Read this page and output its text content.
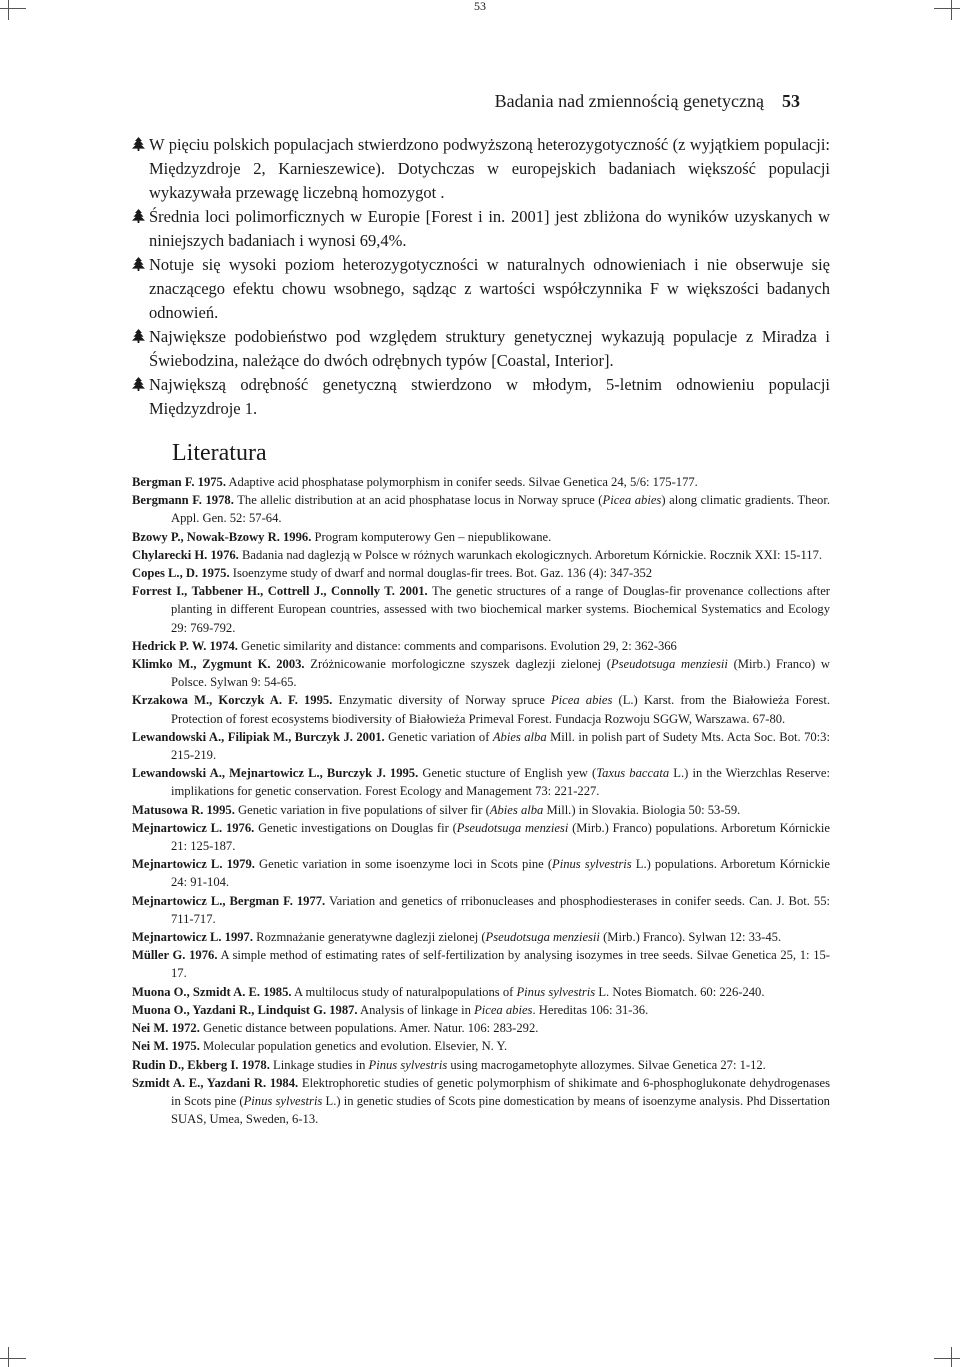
53
Badania nad zmiennością genetyczną 53

W pięciu polskich populacjach stwierdzono podwyższoną heterozygotyczność (z wyjątkiem populacji: Międzyzdroje 2, Karnieszewice). Dotychczas w europejskich badaniach większość populacji wykazywała przewagę liczebną homozygot .

Średnia loci polimorficznych w Europie [Forest i in. 2001] jest zbliżona do wyników uzyskanych w niniejszych badaniach i wynosi 69,4%.

Notuje się wysoki poziom heterozygotyczności w naturalnych odnowieniach i nie obserwuje się znaczącego efektu chowu wsobnego, sądząc z wartości współczynnika F w większości badanych odnowień.

Największe podobieństwo pod względem struktury genetycznej wykazują populacje z Miradza i Świebodzina, należące do dwóch odrębnych typów [Coastal, Interior].

Największą odrębność genetyczną stwierdzono w młodym, 5-letnim odnowieniu populacji Międzyzdroje 1.

Literatura

Bergman F. 1975. Adaptive acid phosphatase polymorphism in conifer seeds. Silvae Genetica 24, 5/6: 175-177.

Bergmann F. 1978. The allelic distribution at an acid phosphatase locus in Norway spruce (Picea abies) along climatic gradients. Theor. Appl. Gen. 52: 57-64.

Bzowy P., Nowak-Bzowy R. 1996. Program komputerowy Gen – niepublikowane.

Chylarecki H. 1976. Badania nad daglezją w Polsce w różnych warunkach ekologicznych. Arboretum Kórnickie. Rocznik XXI: 15-117.

Copes L., D. 1975. Isoenzyme study of dwarf and normal douglas-fir trees. Bot. Gaz. 136 (4): 347-352

Forrest I., Tabbener H., Cottrell J., Connolly T. 2001. The genetic structures of a range of Douglas-fir provenance collections after planting in different European countries, assessed with two biochemical marker systems. Biochemical Systematics and Ecology 29: 769-792.

Hedrick P. W. 1974. Genetic similarity and distance: comments and comparisons. Evolution 29, 2: 362-366

Klimko M., Zygmunt K. 2003. Zróżnicowanie morfologiczne szyszek daglezji zielonej (Pseudotsuga menziesii (Mirb.) Franco) w Polsce. Sylwan 9: 54-65.

Krzakowa M., Korczyk A. F. 1995. Enzymatic diversity of Norway spruce Picea abies (L.) Karst. from the Białowieża Forest. Protection of forest ecosystems biodiversity of Białowieża Primeval Forest. Fundacja Rozwoju SGGW, Warszawa. 67-80.

Lewandowski A., Filipiak M., Burczyk J. 2001. Genetic variation of Abies alba Mill. in polish part of Sudety Mts. Acta Soc. Bot. 70:3: 215-219.

Lewandowski A., Mejnartowicz L., Burczyk J. 1995. Genetic stucture of English yew (Taxus baccata L.) in the Wierzchlas Reserve: implikations for genetic conservation. Forest Ecology and Management 73: 221-227.

Matusowa R. 1995. Genetic variation in five populations of silver fir (Abies alba Mill.) in Slovakia. Biologia 50: 53-59.

Mejnartowicz L. 1976. Genetic investigations on Douglas fir (Pseudotsuga menziesi (Mirb.) Franco) populations. Arboretum Kórnickie 21: 125-187.

Mejnartowicz L. 1979. Genetic variation in some isoenzyme loci in Scots pine (Pinus sylvestris L.) populations. Arboretum Kórnickie 24: 91-104.

Mejnartowicz L., Bergman F. 1977. Variation and genetics of rribonucleases and phosphodiesterases in conifer seeds. Can. J. Bot. 55: 711-717.

Mejnartowicz L. 1997. Rozmnażanie generatywne daglezji zielonej (Pseudotsuga menziesii (Mirb.) Franco). Sylwan 12: 33-45.

Müller G. 1976. A simple method of estimating rates of self-fertilization by analysing isozymes in tree seeds. Silvae Genetica 25, 1: 15-17.

Muona O., Szmidt A. E. 1985. A multilocus study of naturalpopulations of Pinus sylvestris L. Notes Biomatch. 60: 226-240.

Muona O., Yazdani R., Lindquist G. 1987. Analysis of linkage in Picea abies. Hereditas 106: 31-36.

Nei M. 1972. Genetic distance between populations. Amer. Natur. 106: 283-292.

Nei M. 1975. Molecular population genetics and evolution. Elsevier, N. Y.

Rudin D., Ekberg I. 1978. Linkage studies in Pinus sylvestris using macrogametophyte allozymes. Silvae Genetica 27: 1-12.

Szmidt A. E., Yazdani R. 1984. Elektrophoretic studies of genetic polymorphism of shikimate and 6-phosphoglukonate dehydrogenases in Scots pine (Pinus sylvestris L.) in genetic studies of Scots pine domestication by means of isoenzyme analysis. Phd Dissertation SUAS, Umea, Sweden, 6-13.
